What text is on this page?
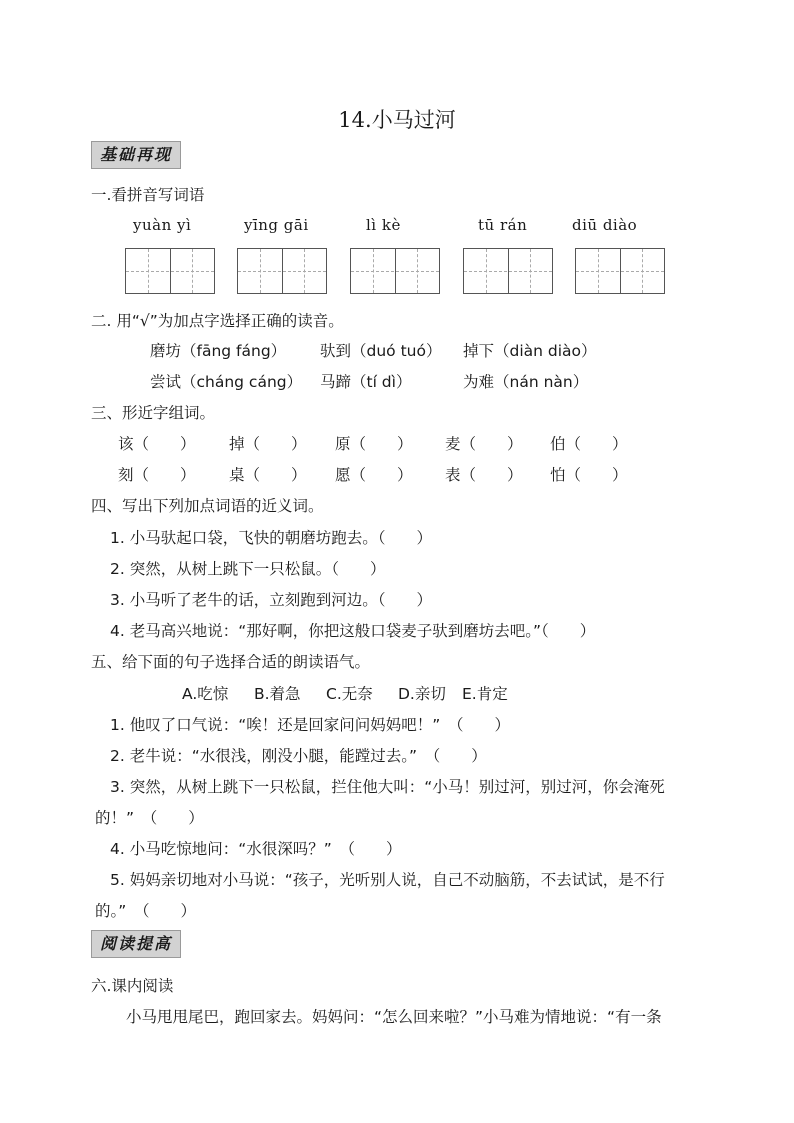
14.小马过河
基础再现
一.看拼音写词语
yuàn yì	yīng gāi	lì kè	tū rán	diū diào
二. 用“√”为加点字选择正确的读音。
磨坊（fāng fáng） 驮到（duó tuó） 掉下（diàn diào）
尝试（cháng cáng） 马蹄（tí dì）	为难（nán nàn）
三、形近字组词。
该（　　） 掉（　　） 原（　　） 麦（　　） 伯（　　）
刻（　　） 桌（　　） 愿（　　） 表（　　） 怕（　　）
四、写出下列加点词语的近义词。
1. 小马驮起口袋，飞快的朝磨坊跑去。（　　）
2. 突然，从树上跳下一只松鼠。（　　）
3. 小马听了老牛的话，立刻跑到河边。（　　）
4. 老马高兴地说：“那好啊，你把这般口袋麦子驮到磨坊去吧。”（　　）
五、给下面的句子选择合适的朗读语气。
A.吃惊 B.着急 C.无奈 D.亲切 E.肯定
1. 他叹了口气说：“唉！还是回家问问妈妈吧！”　（　　）
2. 老牛说：“水很浅，刚没小腿，能蹚过去。”　（　　）
3. 突然，从树上跳下一只松鼠，拦住他大叫：“小马！别过河，别过河，你会淹死
的！”　（　　）
4. 小马吃惊地问：“水很深吗？”　（　　）
5. 妈妈亲切地对小马说：“孩子，光听别人说，自己不动脑筋，不去试试，是不行
的。”　（　　）
阅读提高
六.课内阅读
小马甩甩尾巴，跑回家去。妈妈问：“怎么回来啦？”小马难为情地说：“有一条
